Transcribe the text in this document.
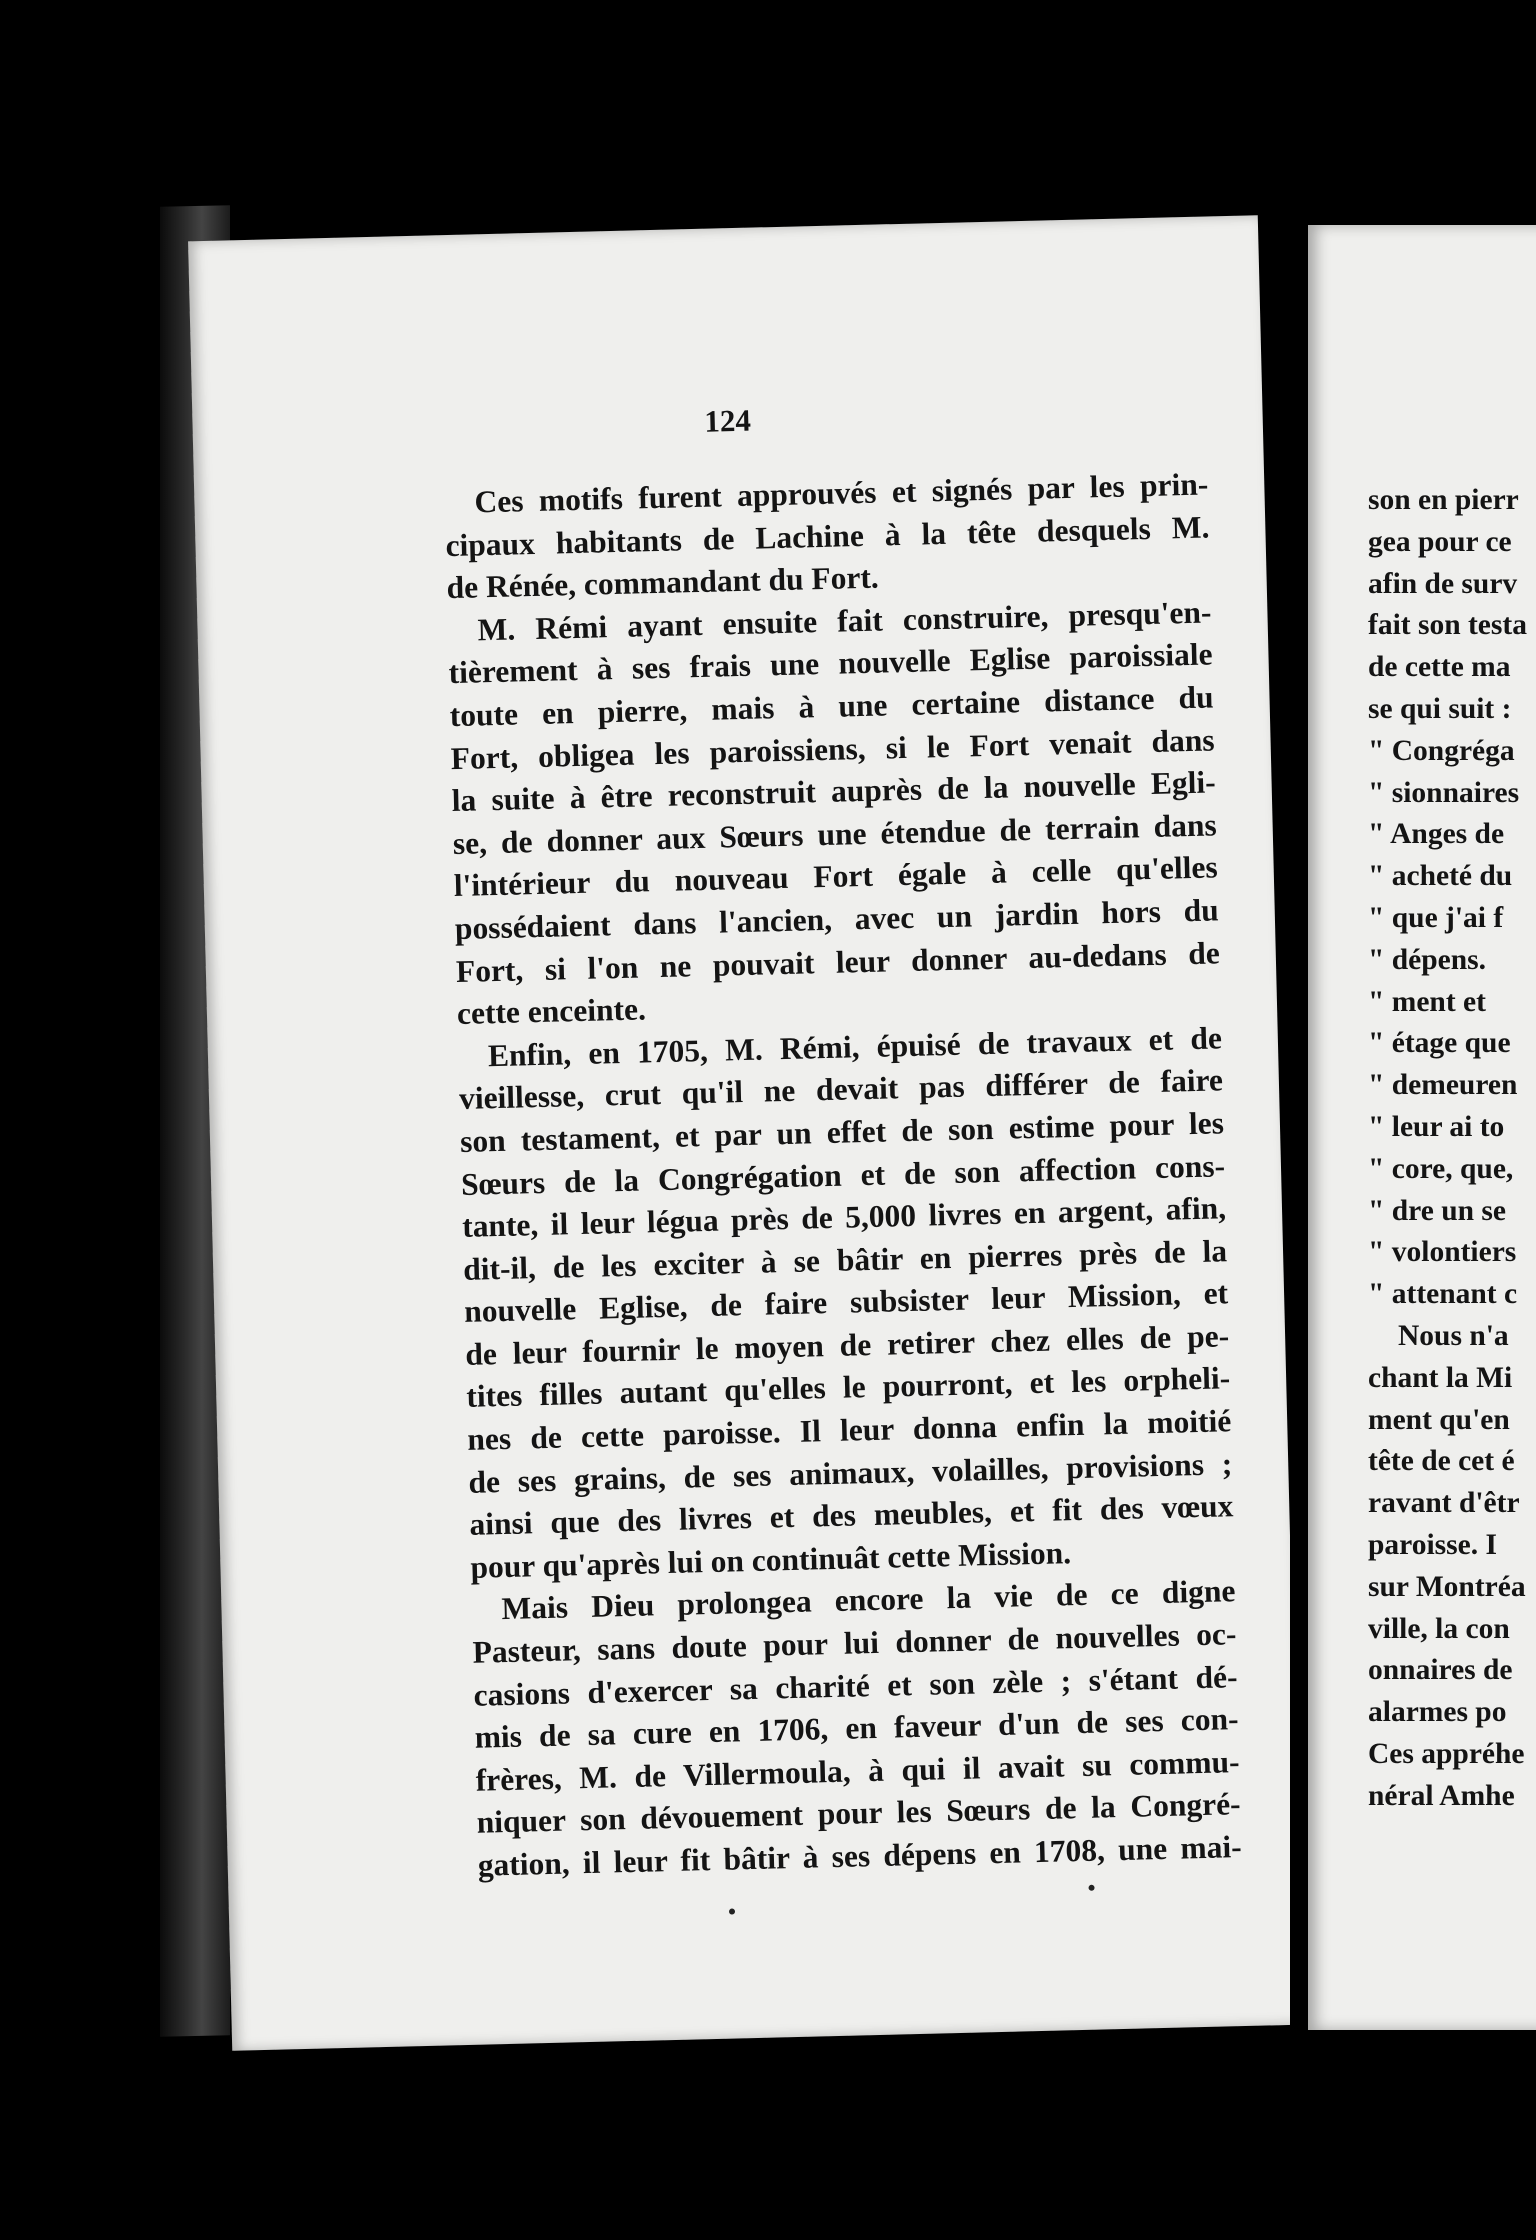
124
Ces motifs furent approuvés et signés par les prin-
cipaux habitants de Lachine à la tête desquels M.
de Rénée, commandant du Fort.
M. Rémi ayant ensuite fait construire, presqu'en-
tièrement à ses frais une nouvelle Eglise paroissiale
toute en pierre, mais à une certaine distance du
Fort, obligea les paroissiens, si le Fort venait dans
la suite à être reconstruit auprès de la nouvelle Egli-
se, de donner aux Sœurs une étendue de terrain dans
l'intérieur du nouveau Fort égale à celle qu'elles
possédaient dans l'ancien, avec un jardin hors du
Fort, si l'on ne pouvait leur donner au-dedans de
cette enceinte.
Enfin, en 1705, M. Rémi, épuisé de travaux et de
vieillesse, crut qu'il ne devait pas différer de faire
son testament, et par un effet de son estime pour les
Sœurs de la Congrégation et de son affection cons-
tante, il leur légua près de 5,000 livres en argent, afin,
dit-il, de les exciter à se bâtir en pierres près de la
nouvelle Eglise, de faire subsister leur Mission, et
de leur fournir le moyen de retirer chez elles de pe-
tites filles autant qu'elles le pourront, et les orpheli-
nes de cette paroisse. Il leur donna enfin la moitié
de ses grains, de ses animaux, volailles, provisions ;
ainsi que des livres et des meubles, et fit des vœux
pour qu'après lui on continuât cette Mission.
Mais Dieu prolongea encore la vie de ce digne
Pasteur, sans doute pour lui donner de nouvelles oc-
casions d'exercer sa charité et son zèle ; s'étant dé-
mis de sa cure en 1706, en faveur d'un de ses con-
frères, M. de Villermoula, à qui il avait su commu-
niquer son dévouement pour les Sœurs de la Congré-
gation, il leur fit bâtir à ses dépens en 1708, une mai-
son en pierr
gea pour ce
afin de surv
fait son testa
de cette ma
se qui suit :
" Congréga
" sionnaires
" Anges de
" acheté du
" que j'ai f
" dépens.
" ment et
" étage que
" demeuren
" leur ai to
" core, que,
" dre un se
" volontiers
" attenant c
Nous n'a
chant la Mi
ment qu'en
tête de cet é
ravant d'êtr
paroisse. I
sur Montréa
ville, la con
onnaires de
alarmes po
Ces appréhe
néral Amhe
